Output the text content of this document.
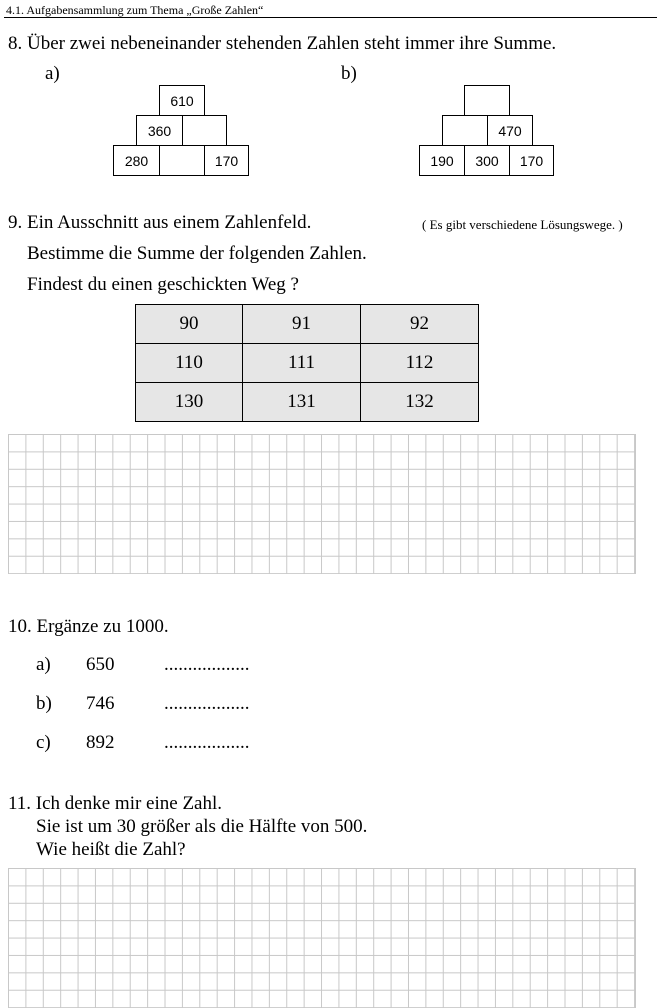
4.1. Aufgabensammlung zum Thema „Große Zahlen“
8. Über zwei nebeneinander stehenden Zahlen steht immer ihre Summe.
a)	b)
610
360
280	170
470
190	300	170
9. Ein Ausschnitt aus einem Zahlenfeld.	( Es gibt verschiedene Lösungswege. )
Bestimme die Summe der folgenden Zahlen.
Findest du einen geschickten Weg ?
90	91	92
110	111	112
130	131	132
10. Ergänze zu 1000.
a) 650	..................
b) 746	..................
c) 892	..................
11. Ich denke mir eine Zahl.
Sie ist um 30 größer als die Hälfte von 500.
Wie heißt die Zahl?
